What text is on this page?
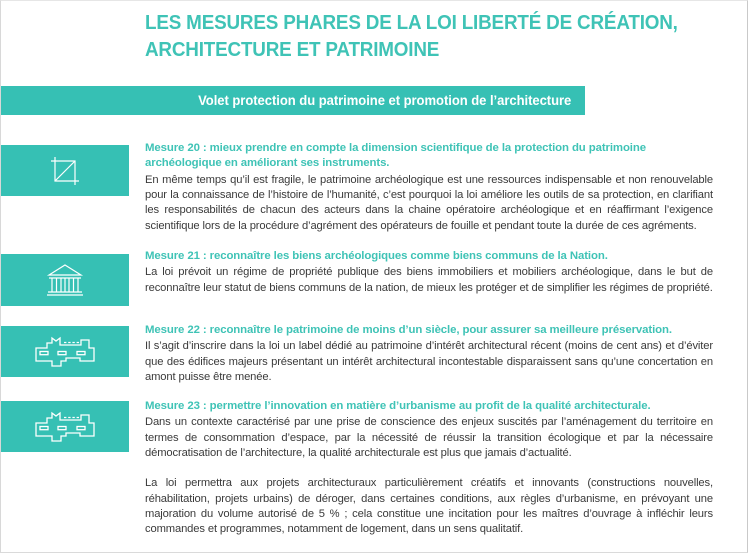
LES MESURES PHARES DE LA LOI LIBERTÉ DE CRÉATION,
ARCHITECTURE ET PATRIMOINE
Volet protection du patrimoine et promotion de l’architecture

Mesure 20 : mieux prendre en compte la dimension scientifique de la protection du patrimoine archéologique en améliorant ses instruments.

En même temps qu’il est fragile, le patrimoine archéologique est une ressources indispensable et non renouvelable pour la connaissance de l’histoire de l’humanité, c’est pourquoi la loi améliore les outils de sa protection, en clarifiant les responsabilités de chacun des acteurs dans la chaine opératoire archéologique et en réaffirmant l’exigence scientifique lors de la procédure d’agrément des opérateurs de fouille et pendant toute la durée de ces agréments.

Mesure 21 : reconnaître les biens archéologiques comme biens communs de la Nation.

La loi prévoit un régime de propriété publique des biens immobiliers et mobiliers archéologique, dans le but de reconnaître leur statut de biens communs de la nation, de mieux les protéger et de simplifier les régimes de propriété.

Mesure 22 : reconnaître le patrimoine de moins d’un siècle, pour assurer sa meilleure préservation.

Il s’agit d’inscrire dans la loi un label dédié au patrimoine d’intérêt architectural récent (moins de cent ans) et d’éviter que des édifices majeurs présentant un intérêt architectural incontestable disparaissent sans qu’une concertation en amont puisse être menée.

Mesure 23 : permettre l’innovation en matière d’urbanisme au profit de la qualité architecturale.

Dans un contexte caractérisé par une prise de conscience des enjeux suscités par l’aménagement du territoire en termes de consommation d’espace, par la nécessité de réussir la transition écologique et par la nécessaire démocratisation de l’architecture, la qualité architecturale est plus que jamais d’actualité.

La loi permettra aux projets architecturaux particulièrement créatifs et innovants (constructions nouvelles, réhabilitation, projets urbains) de déroger, dans certaines conditions, aux règles d’urbanisme, en prévoyant une majoration du volume autorisé de 5 % ; cela constitue une incitation pour les maîtres d’ouvrage à infléchir leurs commandes et programmes, notamment de logement, dans un sens qualitatif.
